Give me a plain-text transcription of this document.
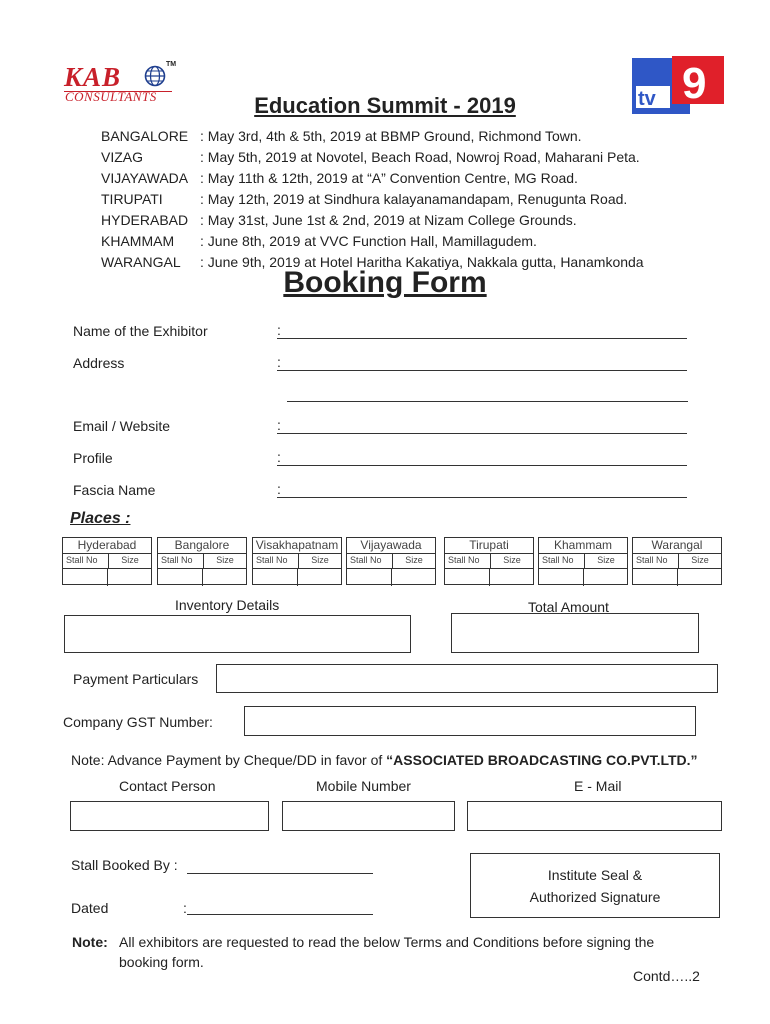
KAB	TM
CONSULTANTS	tv 9
Education Summit - 2019
BANGALORE : May 3rd, 4th & 5th, 2019 at BBMP Ground, Richmond Town.
VIZAG	: May 5th, 2019 at Novotel, Beach Road, Nowroj Road, Maharani Peta.
VIJAYAWADA : May 11th & 12th, 2019 at “A” Convention Centre, MG Road.
TIRUPATI	: May 12th, 2019 at Sindhura kalayanamandapam, Renugunta Road.
HYDERABAD : May 31st, June 1st & 2nd, 2019 at Nizam College Grounds.
KHAMMAM : June 8th, 2019 at VVC Function Hall, Mamillagudem.
WARANGAL : June 9th, 2019 at Hotel Haritha Kakatiya, Nakkala gutta, Hanamkonda
Booking Form
Name of the Exhibitor	:
Address	:
Email / Website	:
Profile	:
Fascia Name	:
Places :
Hyderabad
Stall No	Size
Bangalore
Stall No	Size
Visakhapatnam
Stall No	Size
Vijayawada
Stall No	Size
Tirupati
Stall No	Size
Khammam
Stall No	Size
Warangal
Stall No	Size
Inventory Details	Total Amount
Payment Particulars
Company GST Number:
Note: Advance Payment by Cheque/DD in favor of “ASSOCIATED BROADCASTING CO.PVT.LTD.”
Contact Person	Mobile Number	E - Mail
Stall Booked By :
Dated	:
Institute Seal &
Authorized Signature
Note: All exhibitors are requested to read the below Terms and Conditions before signing the
booking form.
Contd…..2
